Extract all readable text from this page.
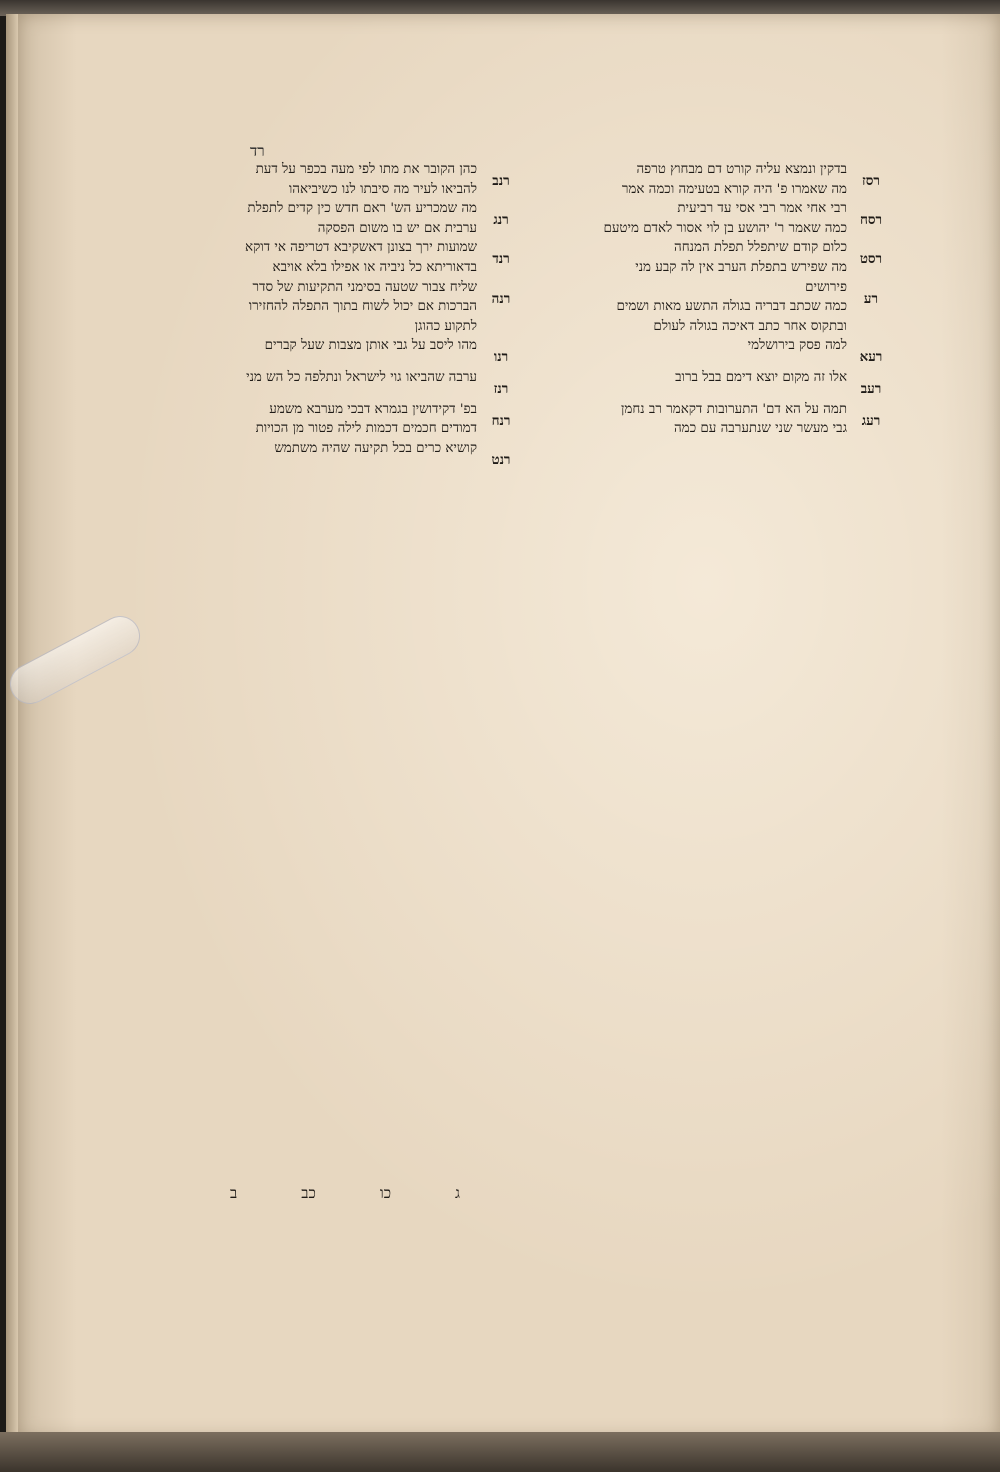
רד
רסז

בדקין ונמצא עליה קורט דם מבחוץ טרפה

מה שאמרו פ' היה קורא בטעימה וכמה אמר

רסח

רבי אחי אמר רבי אסי עד רביעית

כמה שאמר ר' יהושע בן לוי אסור לאדם מיטעם

רסט

כלום קודם שיתפלל תפלת המנחה

מה שפירש בתפלת הערב אין לה קבע מני

רע

פירושים

כמה שכתב דבריה בגולה התשע מאות ושמים

ובתקוס אחר כתב דאיכה בגולה לעולם

רעא

למה פסק בירושלמי

רעב

אלו זה מקום יוצא דימם בבל ברוב

רעג

תמה על הא דם' התערובות דקאמר רב נחמן

גבי מעשר שני שנתערבה עם כמה

רנב

כהן הקובר את מתו לפי מעה בכפר על דעת

להביאו לעיר מה סיבתו לנו כשיביאהו

רנג

מה שמכריע הש' ראם חדש כין קדים לתפלת

ערבית אם יש בו משום הפסקה

רנד

שמועות ירך בצונן דאשקיבא דטריפה אי דוקא

בדאוריתא כל ניביה או אפילו בלא אויבא

רנה

שליח צבור שטעה בסימני התקיעות של סדר

הברכות אם יכול לשוח בתוך התפלה להחזירו

לתקוע כהוגן

רנו

מהו ליסב על גבי אותן מצבות שעל קברים

רנז

ערבה שהביאו גוי לישראל ונתלפה כל הש מני

רנח

בפ' דקידושין בגמרא דבכי מערבא משמע

דמודים חכמים דכמות לילה פטור מן הכויות

רנט

קושיא כרים בכל תקיעה שהיה משתמש

ג
כו
כב
ב
